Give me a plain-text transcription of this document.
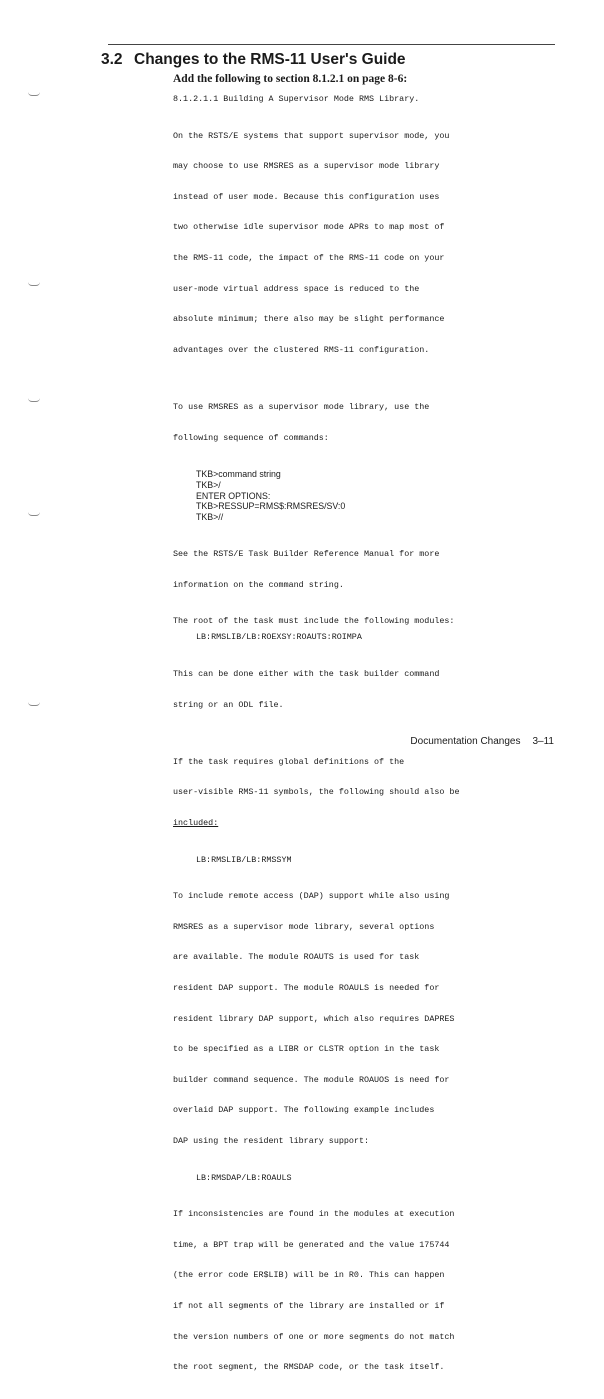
3.2 Changes to the RMS-11 User's Guide
Add the following to section 8.1.2.1 on page 8-6:
8.1.2.1.1 Building A Supervisor Mode RMS Library.

On the RSTS/E systems that support supervisor mode, you

may choose to use RMSRES as a supervisor mode library

instead of user mode. Because this configuration uses

two otherwise idle supervisor mode APRs to map most of

the RMS-11 code, the impact of the RMS-11 code on your

user-mode virtual address space is reduced to the

absolute minimum; there also may be slight performance

advantages over the clustered RMS-11 configuration.

To use RMSRES as a supervisor mode library, use the

following sequence of commands:

TKB>command string
TKB>/
ENTER OPTIONS:
TKB>RESSUP=RMS$:RMSRES/SV:0
TKB>//

See the RSTS/E Task Builder Reference Manual for more

information on the command string.

The root of the task must include the following modules:
LB:RMSLIB/LB:ROEXSY:ROAUTS:ROIMPA

This can be done either with the task builder command

string or an ODL file.

If the task requires global definitions of the

user-visible RMS-11 symbols, the following should also be

included:

LB:RMSLIB/LB:RMSSYM

To include remote access (DAP) support while also using

RMSRES as a supervisor mode library, several options

are available. The module ROAUTS is used for task

resident DAP support. The module ROAULS is needed for

resident library DAP support, which also requires DAPRES

to be specified as a LIBR or CLSTR option in the task

builder command sequence. The module ROAUOS is need for

overlaid DAP support. The following example includes

DAP using the resident library support:

LB:RMSDAP/LB:ROAULS

If inconsistencies are found in the modules at execution

time, a BPT trap will be generated and the value 175744

(the error code ER$LIB) will be in R0. This can happen

if not all segments of the library are installed or if

the version numbers of one or more segments do not match

the root segment, the RMSDAP code, or the task itself.

Documentation Changes 3–11
